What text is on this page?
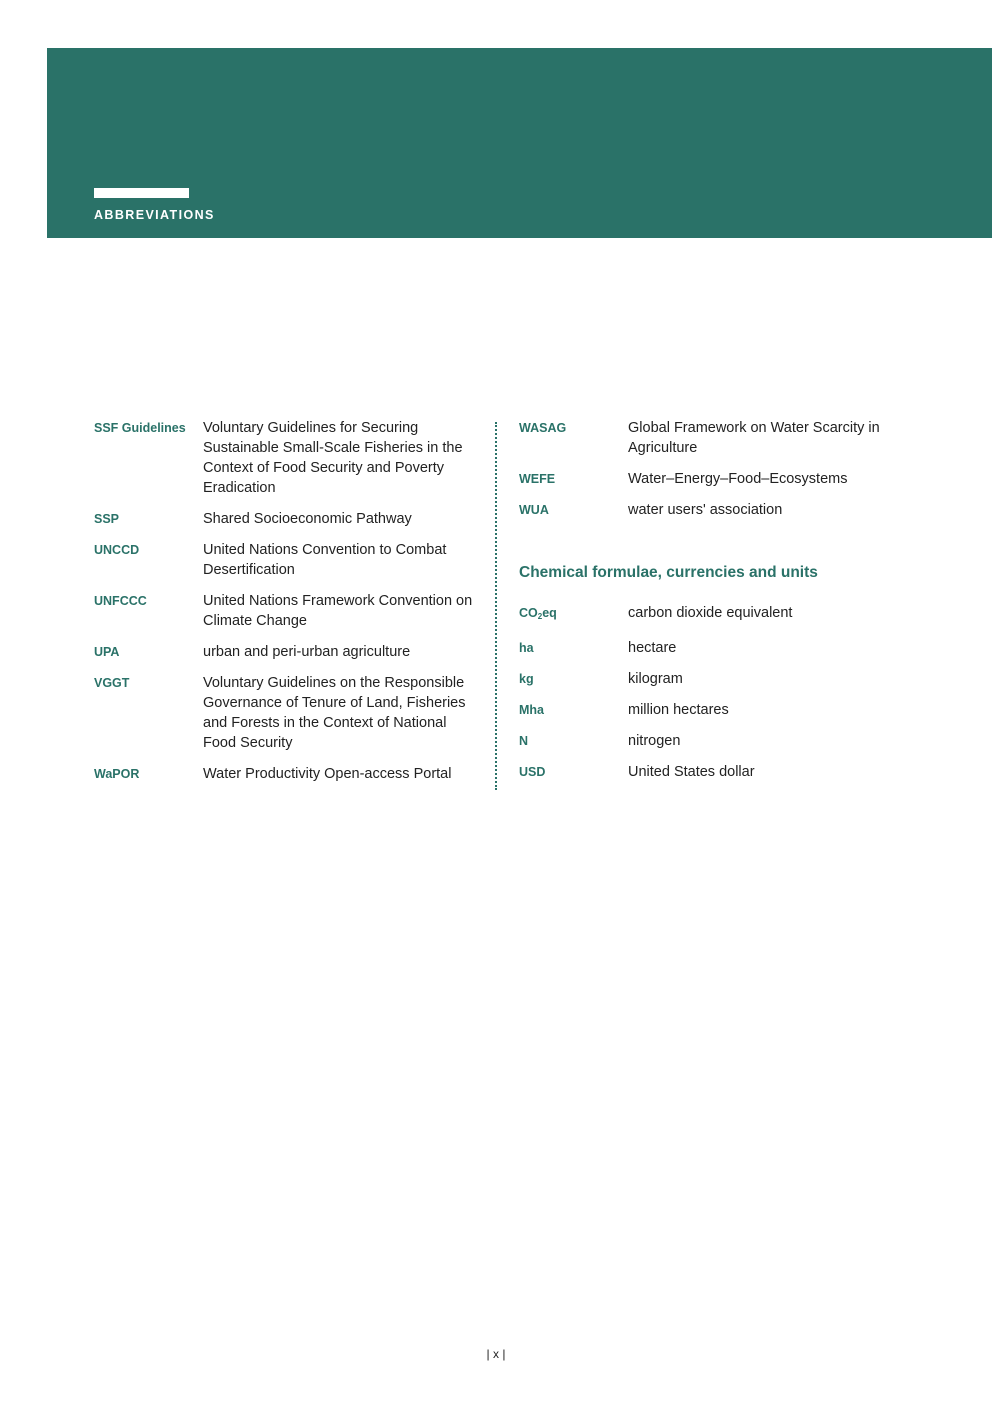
ABBREVIATIONS
SSF Guidelines	Voluntary Guidelines for Securing Sustainable Small-Scale Fisheries in the Context of Food Security and Poverty Eradication
SSP	Shared Socioeconomic Pathway
UNCCD	United Nations Convention to Combat Desertification
UNFCCC	United Nations Framework Convention on Climate Change
UPA	urban and peri-urban agriculture
VGGT	Voluntary Guidelines on the Responsible Governance of Tenure of Land, Fisheries and Forests in the Context of National Food Security
WaPOR	Water Productivity Open-access Portal
WASAG	Global Framework on Water Scarcity in Agriculture
WEFE	Water–Energy–Food–Ecosystems
WUA	water users' association
Chemical formulae, currencies and units
$CO_2eq$	carbon dioxide equivalent
ha	hectare
kg	kilogram
Mha	million hectares
N	nitrogen
USD	United States dollar
| x |
